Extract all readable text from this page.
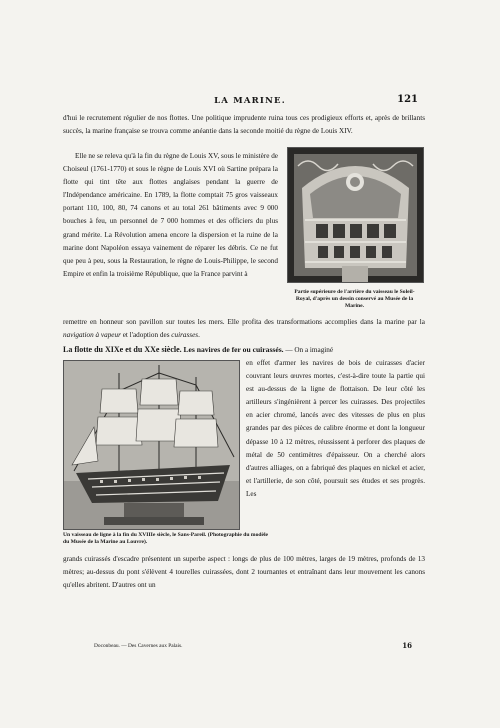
LA MARINE.	121

d'hui le recrutement régulier de nos flottes. Une politique imprudente ruina tous ces prodigieux efforts et, après de brillants succès, la marine française se trouva comme anéantie dans la seconde moitié du règne de Louis XIV.

Elle ne se releva qu'à la fin du règne de Louis XV, sous le ministère de Choiseul (1761-1770) et sous le règne de Louis XVI où Sartine prépara la flotte qui tint tête aux flottes anglaises pendant la guerre de l'Indépendance américaine. En 1789, la flotte comptait 75 gros vaisseaux portant 110, 100, 80, 74 canons et au total 261 bâtiments avec 9 000 bouches à feu, un personnel de 7 000 hommes et des officiers du plus grand mérite. La Révolution amena encore la dispersion et la ruine de la marine dont Napoléon essaya vainement de réparer les débris. Ce ne fut que peu à peu, sous la Restauration, le règne de Louis-Philippe, le second Empire et enfin la troisième République, que la France parvint à

Partie supérieure de l'arrière du vaisseau le Soleil-Royal, d'après un dessin conservé au Musée de la Marine.

remettre en honneur son pavillon sur toutes les mers. Elle profita des transformations accomplies dans la marine par la navigation à vapeur et l'adoption des cuirasses.

La flotte du XIXe et du XXe siècle. Les navires de fer ou cuirassés. — On a imaginé

Un vaisseau de ligne à la fin du XVIIIe siècle, le Sans-Pareil. (Photographie du modèle du Musée de la Marine au Louvre).

en effet d'armer les navires de bois de cuirasses d'acier couvrant leurs œuvres mortes, c'est-à-dire toute la partie qui est au-dessus de la ligne de flottaison. De leur côté les artilleurs s'ingénièrent à percer les cuirasses. Des projectiles en acier chromé, lancés avec des vitesses de plus en plus grandes par des pièces de calibre énorme et dont la longueur dépasse 10 à 12 mètres, réussissent à perforer des plaques de métal de 50 centimètres d'épaisseur. On a cherché alors d'autres alliages, on a fabriqué des plaques en nickel et acier, et l'artillerie, de son côté, poursuit ses études et ses progrès. Les

grands cuirassés d'escadre présentent un superbe aspect : longs de plus de 100 mètres, larges de 19 mètres, profonds de 13 mètres; au-dessus du pont s'élèvent 4 tourelles cuirassées, dont 2 tournantes et entraînant dans leur mouvement les canons qu'elles abritent. D'autres ont un

Doconbeau. — Des Cavernes aux Palais.	16
